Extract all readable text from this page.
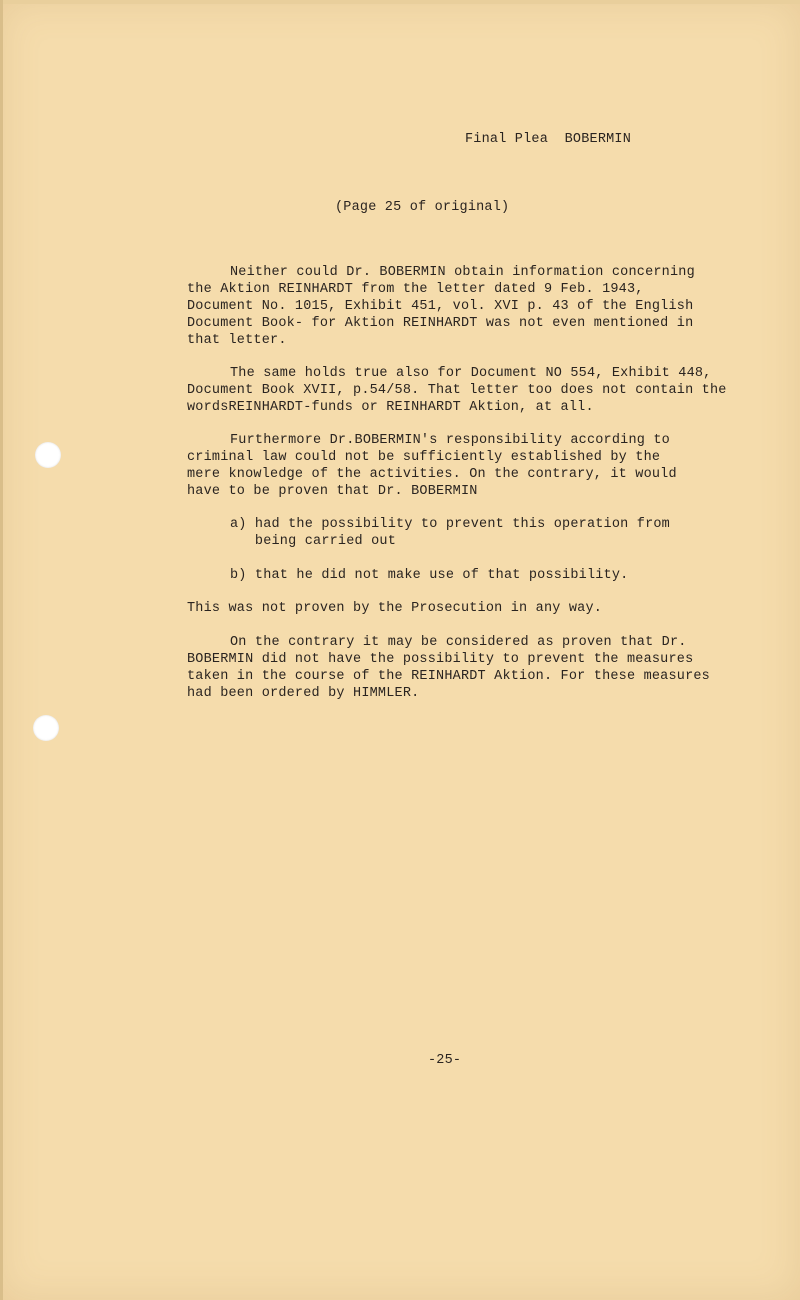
Final Plea  BOBERMIN
(Page 25 of original)
Neither could Dr. BOBERMIN obtain information concerning
the Aktion REINHARDT from the letter dated 9 Feb. 1943,
Document No. 1015, Exhibit 451, vol. XVI p. 43 of the English
Document Book- for Aktion REINHARDT was not even mentioned in
that letter.
The same holds true also for Document NO 554, Exhibit 448,
Document Book XVII, p.54/58. That letter too does not contain the
wordsREINHARDT-funds or REINHARDT Aktion, at all.
Furthermore Dr.BOBERMIN's responsibility according to
criminal law could not be sufficiently established by the
mere knowledge of the activities. On the contrary, it would
have to be proven that Dr. BOBERMIN
a) had the possibility to prevent this operation from
being carried out
b) that he did not make use of that possibility.
This was not proven by the Prosecution in any way.
On the contrary it may be considered as proven that Dr.
BOBERMIN did not have the possibility to prevent the measures
taken in the course of the REINHARDT Aktion. For these measures
had been ordered by HIMMLER.
-25-
